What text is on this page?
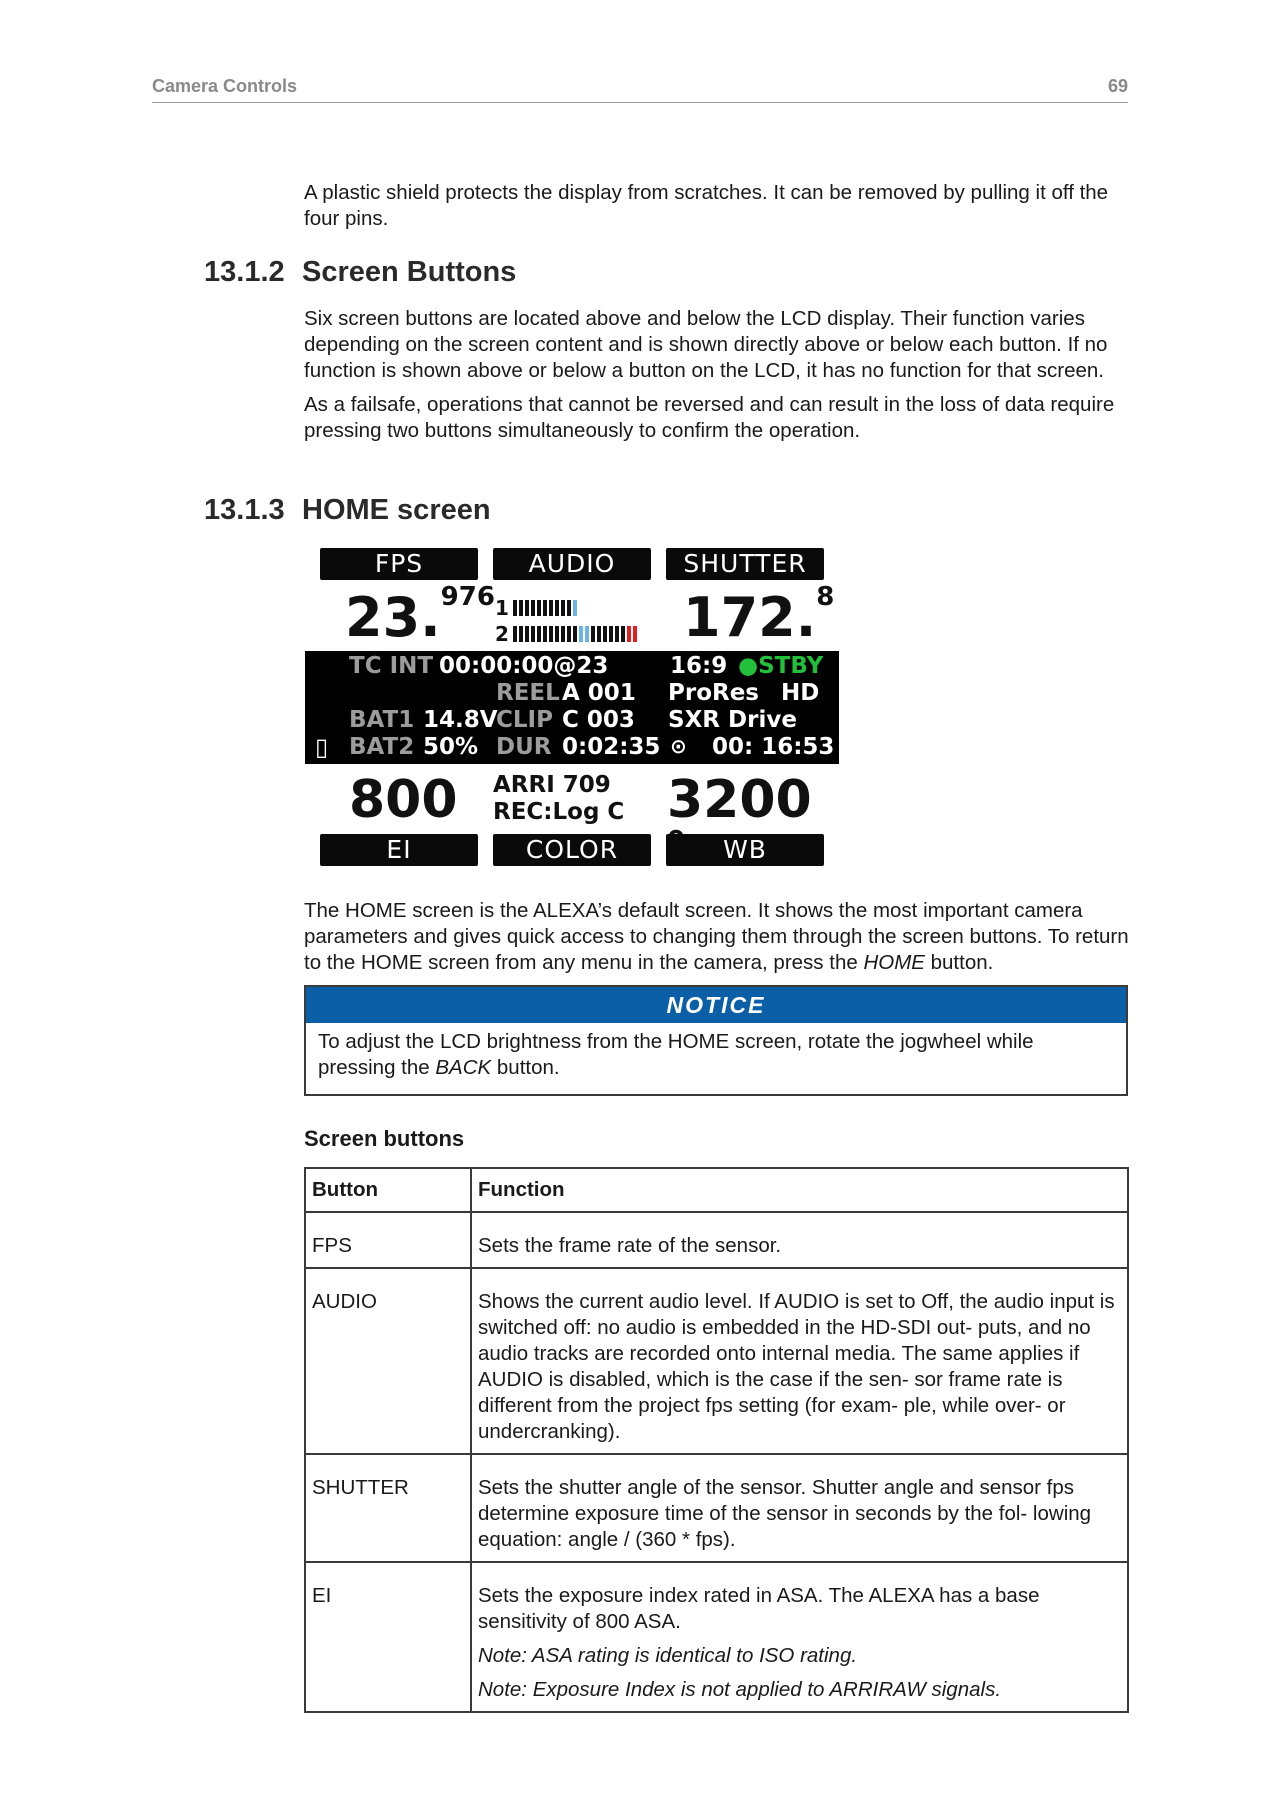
Camera Controls	69

A plastic shield protects the display from scratches. It can be removed by pulling it off the four pins.

13.1.2 Screen Buttons

Six screen buttons are located above and below the LCD display. Their function varies depending on the screen content and is shown directly above or below each button. If no function is shown above or below a button on the LCD, it has no function for that screen.

As a failsafe, operations that cannot be reversed and can result in the loss of data require pressing two buttons simultaneously to confirm the operation.

13.1.3 HOME screen
FPS	AUDIO	SHUTTER
23.$^{976}$ 1
2	172.$^8$
TC INT 00:00:00@23	16:9 ●STBY
REEL A 001 ProRes HD
BAT1 14.8V
CLIP C 003 SXR Drive
▯ BAT2 50% DUR 0:02:35 ⊙ 00: 16:53
800 ARRI 709
REC:Log C 3200
EI	COLOR	WB

The HOME screen is the ALEXA’s default screen. It shows the most important camera parameters and gives quick access to changing them through the screen buttons. To return to the HOME screen from any menu in the camera, press the HOME button.

NOTICE
To adjust the LCD brightness from the HOME screen, rotate the jogwheel while pressing the BACK button.
Screen buttons
Button	Function
FPS	Sets the frame rate of the sensor.
AUDIO	Shows the current audio level. If AUDIO is set to Off, the audio input is switched off: no audio is embedded in the HD-SDI out- puts, and no audio tracks are recorded onto internal media. The same applies if AUDIO is disabled, which is the case if the sen- sor frame rate is different from the project fps setting (for exam- ple, while over- or undercranking).
SHUTTER	Sets the shutter angle of the sensor. Shutter angle and sensor fps determine exposure time of the sensor in seconds by the fol- lowing equation: angle / (360 * fps).
EI	Sets the exposure index rated in ASA. The ALEXA has a base sensitivity of 800 ASA.

Note: ASA rating is identical to ISO rating.

Note: Exposure Index is not applied to ARRIRAW signals.
